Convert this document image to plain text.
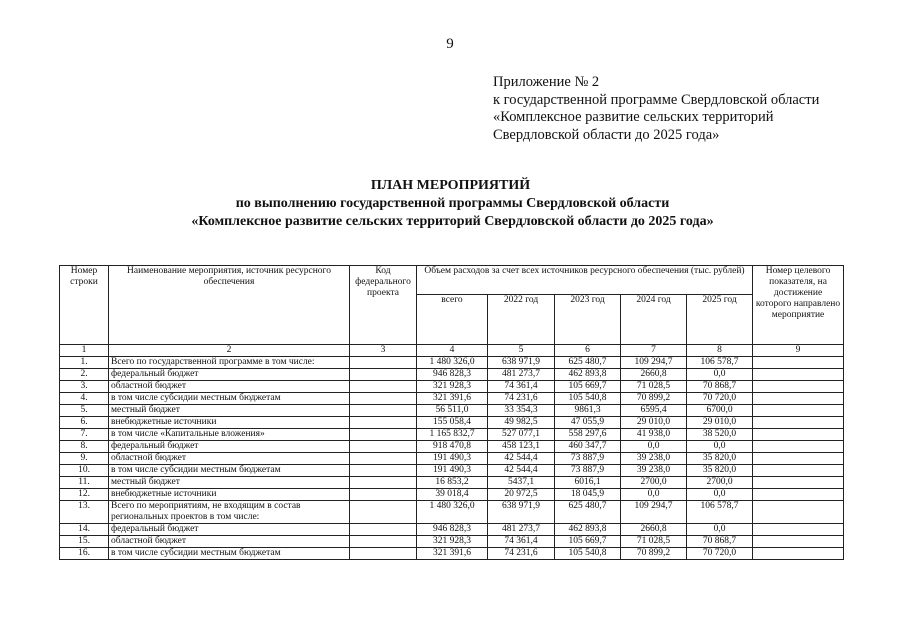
9
Приложение № 2
к государственной программе Свердловской области
«Комплексное развитие сельских территорий
Свердловской области до 2025 года»
ПЛАН МЕРОПРИЯТИЙ
по выполнению государственной программы Свердловской области
«Комплексное развитие сельских территорий Свердловской области до 2025 года»
Номер строки	Наименование мероприятия, источник ресурсного обеспечения	Код федерального проекта	Объем расходов за счет всех источников ресурсного обеспечения (тыс. рублей)					Номер целевого показателя, на достижение которого направлено мероприятие
			всего	2022 год	2023 год	2024 год	2025 год	
1	2	3	4	5	6	7	8	9
1.	Всего по государственной программе в том числе:		1 480 326,0	638 971,9	625 480,7	109 294,7	106 578,7	
2.	федеральный бюджет		946 828,3	481 273,7	462 893,8	2660,8	0,0	
3.	областной бюджет		321 928,3	74 361,4	105 669,7	71 028,5	70 868,7	
4.	в том числе субсидии местным бюджетам		321 391,6	74 231,6	105 540,8	70 899,2	70 720,0	
5.	местный бюджет		56 511,0	33 354,3	9861,3	6595,4	6700,0	
6.	внебюджетные источники		155 058,4	49 982,5	47 055,9	29 010,0	29 010,0	
7.	в том числе «Капитальные вложения»		1 165 832,7	527 077,1	558 297,6	41 938,0	38 520,0	
8.	федеральный бюджет		918 470,8	458 123,1	460 347,7	0,0	0,0	
9.	областной бюджет		191 490,3	42 544,4	73 887,9	39 238,0	35 820,0	
10.	в том числе субсидии местным бюджетам		191 490,3	42 544,4	73 887,9	39 238,0	35 820,0	
11.	местный бюджет		16 853,2	5437,1	6016,1	2700,0	2700,0	
12.	внебюджетные источники		39 018,4	20 972,5	18 045,9	0,0	0,0	
13.	Всего по мероприятиям, не входящим в состав региональных проектов в том числе:		1 480 326,0	638 971,9	625 480,7	109 294,7	106 578,7	
14.	федеральный бюджет		946 828,3	481 273,7	462 893,8	2660,8	0,0	
15.	областной бюджет		321 928,3	74 361,4	105 669,7	71 028,5	70 868,7	
16.	в том числе субсидии местным бюджетам		321 391,6	74 231,6	105 540,8	70 899,2	70 720,0	
